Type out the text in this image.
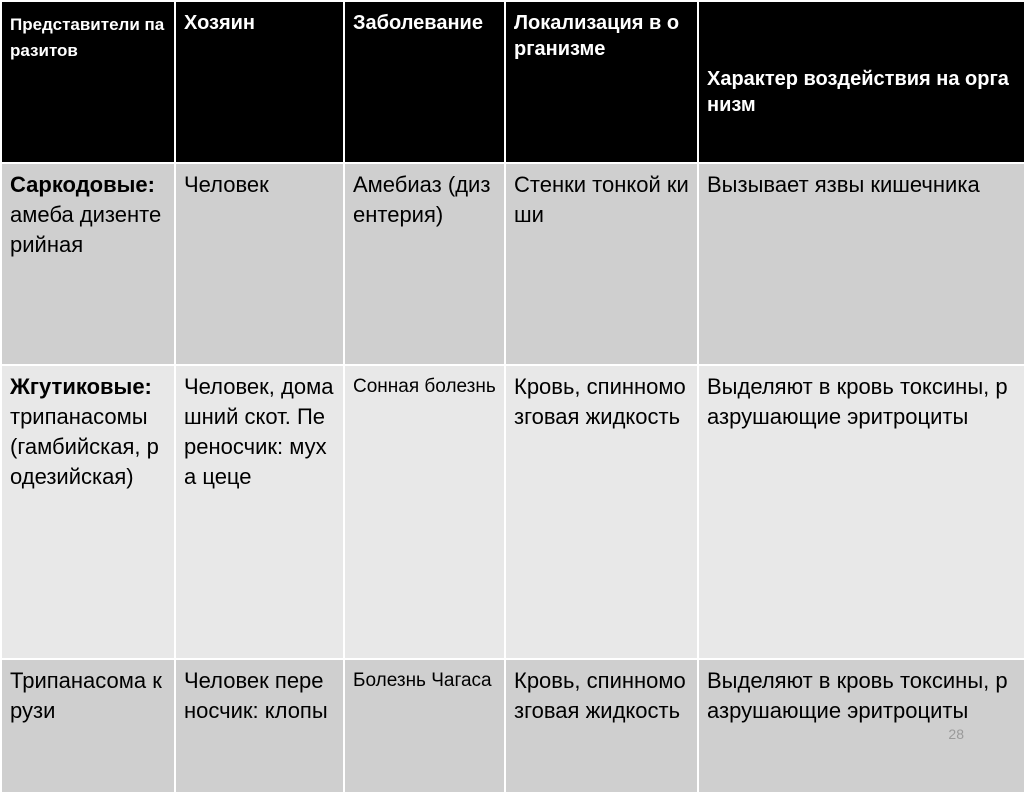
Представители паразитов	Хозяин	Заболевание	Локализация в организме	Характер воздействия на организм

Саркодовые:
амеба дизентерийная	Человек	Амебиаз (дизентерия)	Стенки тонкой киши	Вызывает язвы кишечника

Жгутиковые:
трипанасомы (гамбийская, родезийская)	Человек, домашний скот. Переносчик: муха цеце	Сонная болезнь	Кровь, спинномозговая жидкость	Выделяют в кровь токсины, разрушающие эритроциты

Трипанасома крузи	Человек переносчик: клопы	Болезнь Чагаса	Кровь, спинномозговая жидкость	Выделяют в кровь токсины, разрушающие эритроциты
28
